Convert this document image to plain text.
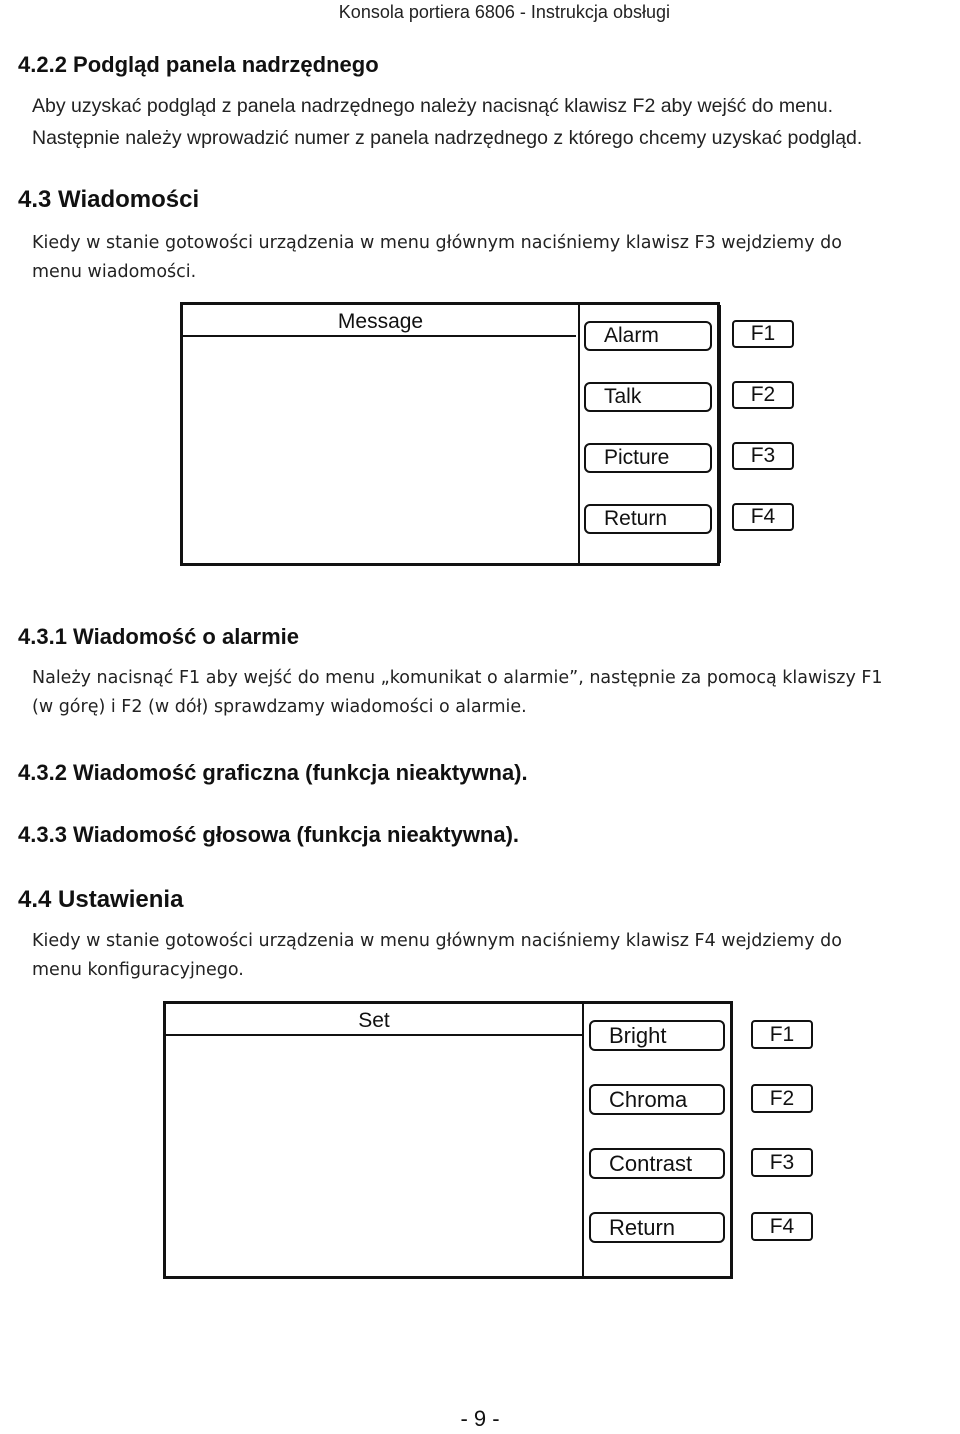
Konsola portiera 6806 - Instrukcja obsługi
4.2.2 Podgląd panela nadrzędnego
Aby uzyskać podgląd z panela nadrzędnego należy nacisnąć klawisz F2 aby wejść do menu.
Następnie należy wprowadzić numer z panela nadrzędnego z którego chcemy uzyskać podgląd.
4.3 Wiadomości
Kiedy w stanie gotowości urządzenia w menu głównym naciśniemy klawisz F3 wejdziemy do
menu wiadomości.
Message
Alarm
Talk
Picture
Return
F1
F2
F3
F4
4.3.1 Wiadomość o alarmie
Należy nacisnąć F1 aby wejść do menu „komunikat o alarmie”, następnie za pomocą klawiszy F1
(w górę) i F2 (w dół) sprawdzamy wiadomości o alarmie.
4.3.2 Wiadomość graficzna (funkcja nieaktywna).
4.3.3 Wiadomość głosowa (funkcja nieaktywna).
4.4 Ustawienia
Kiedy w stanie gotowości urządzenia w menu głównym naciśniemy klawisz F4 wejdziemy do
menu konfiguracyjnego.
Set
Bright
Chroma
Contrast
Return
F1
F2
F3
F4
- 9 -
